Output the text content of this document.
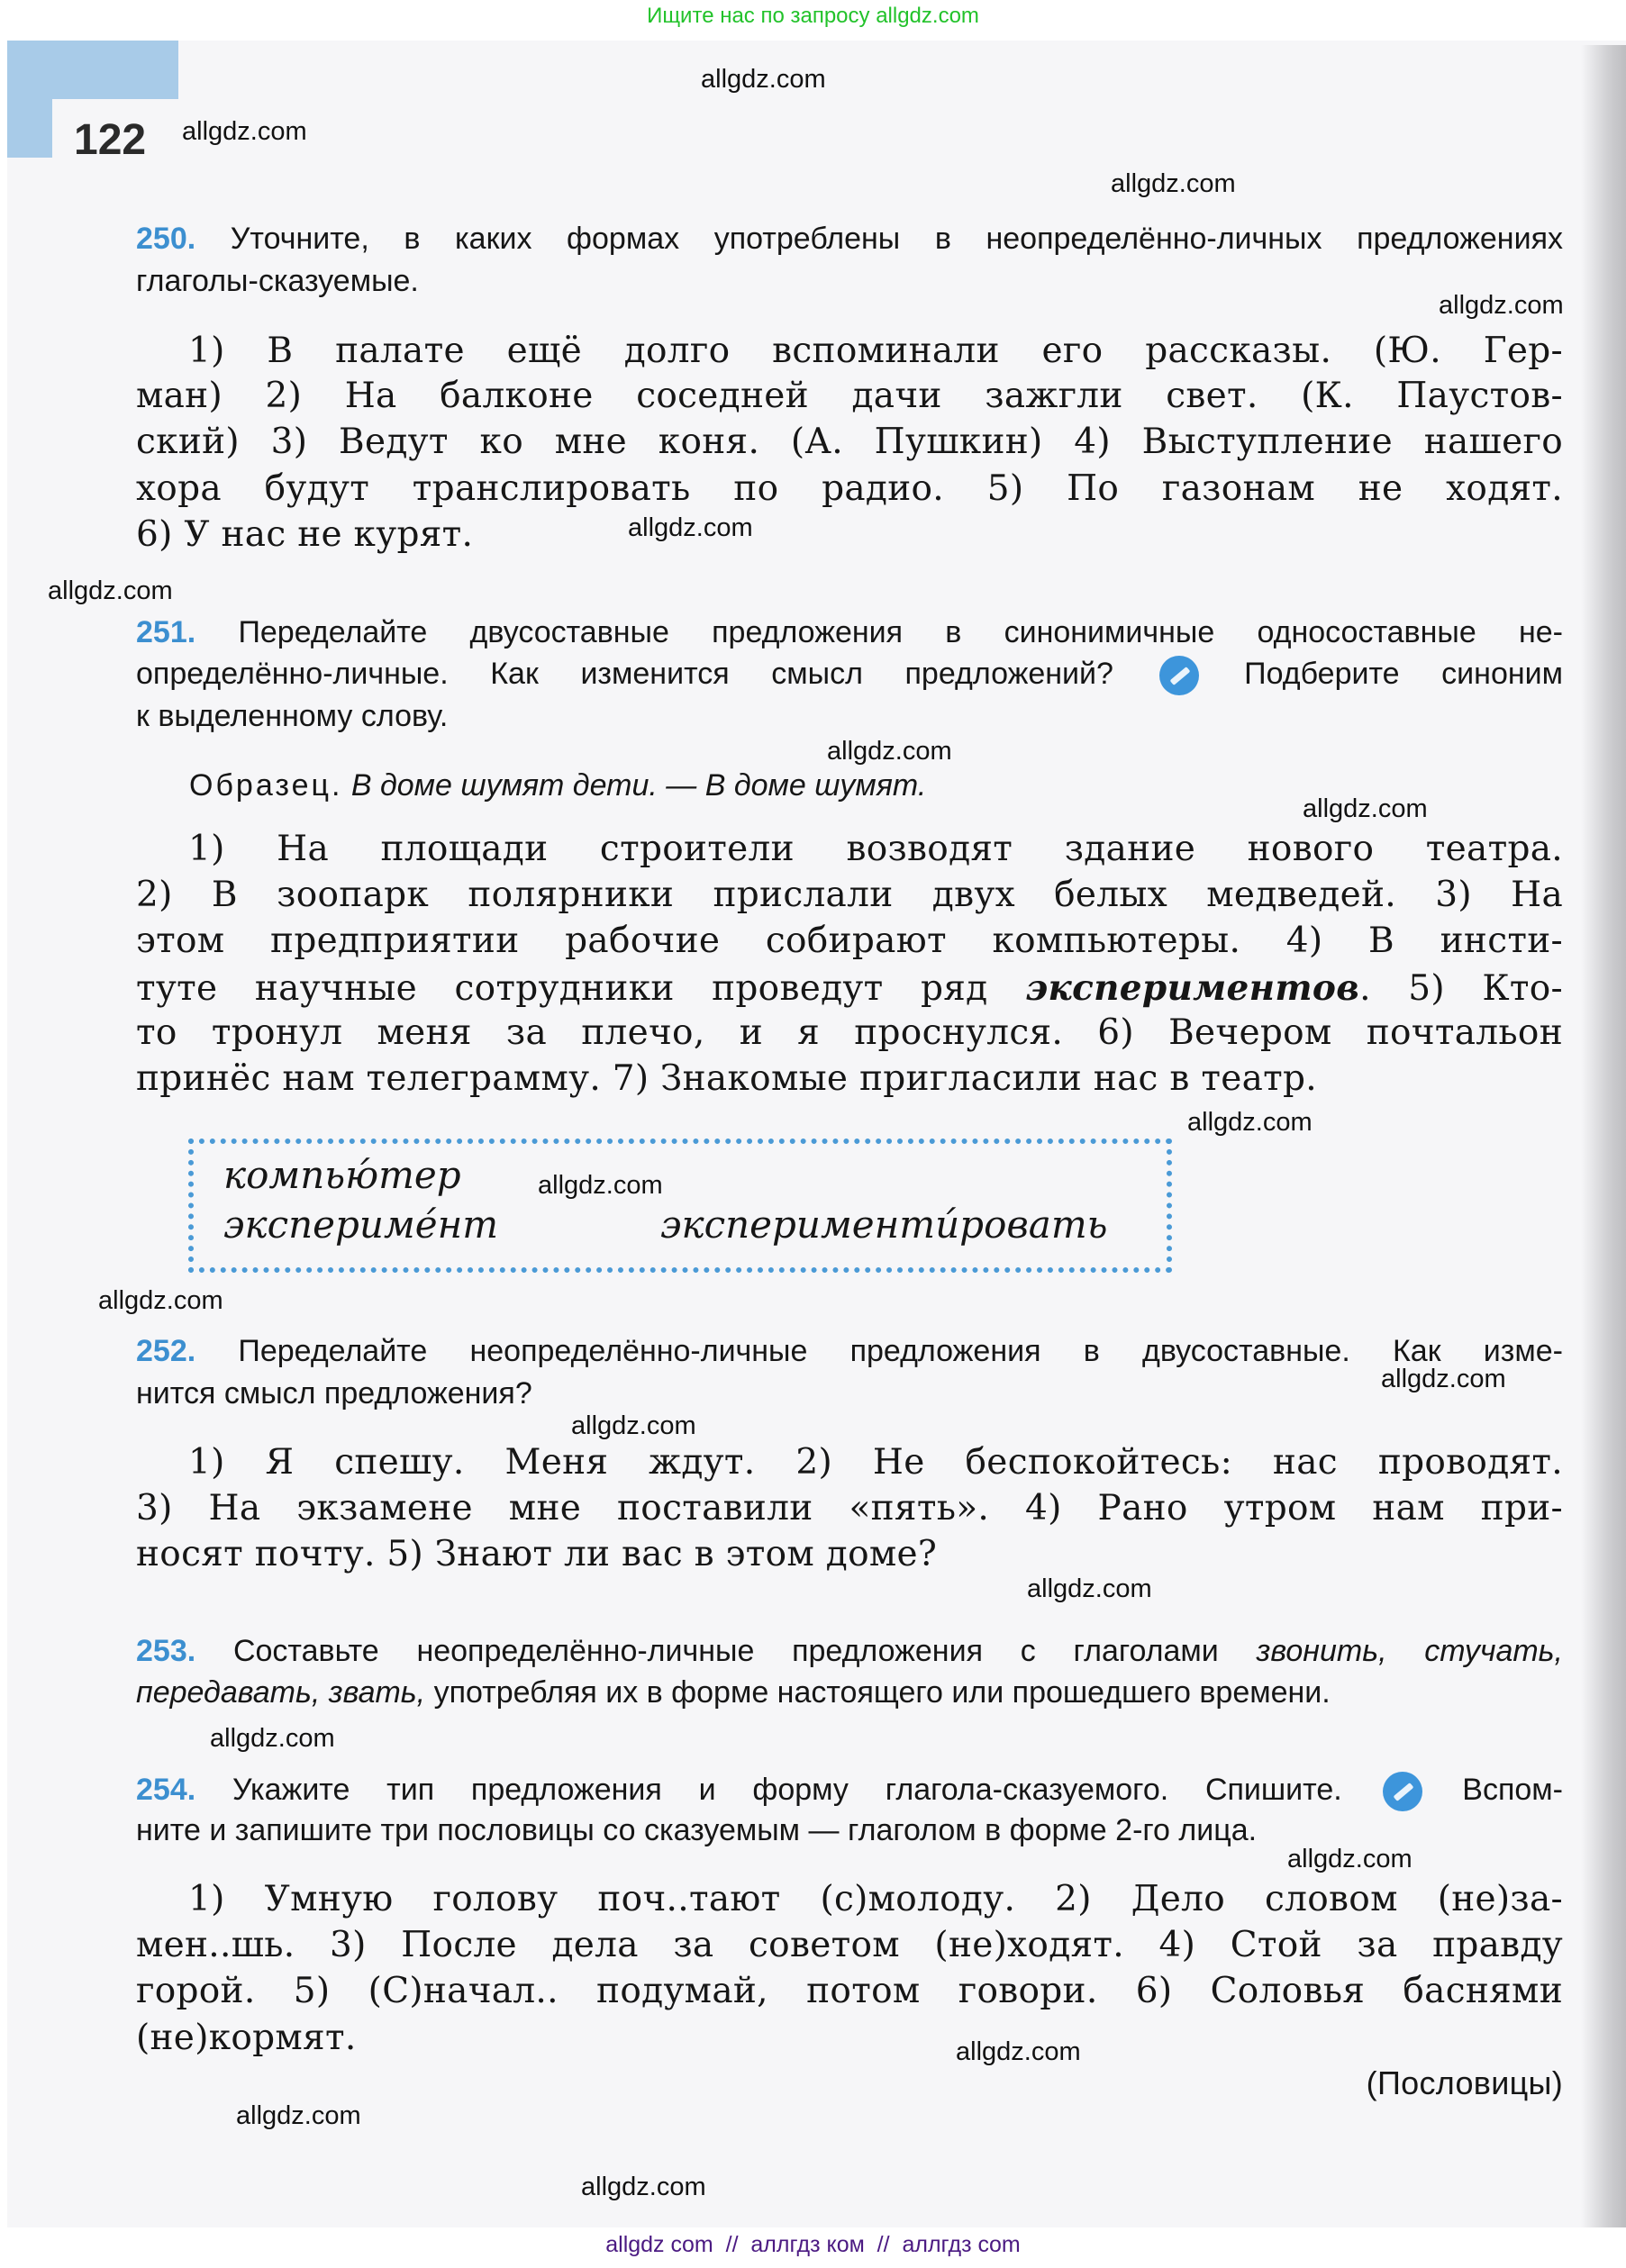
Ищите нас по запросу allgdz.com
122
250. Уточните, в каких формах употреблены в неопределённо-личных предложениях
глаголы-сказуемые.
1) В палате ещё долго вспоминали его рассказы. (Ю. Гер-
ман) 2) На балконе соседней дачи зажгли свет. (К. Паустов-
ский) 3) Ведут ко мне коня. (А. Пушкин) 4) Выступление нашего
хора будут транслировать по радио. 5) По газонам не ходят.
6) У нас не курят.
251. Переделайте двусоставные предложения в синонимичные односоставные не-
определённо-личные. Как изменится смысл предложений?	Подберите синоним
к выделенному слову.
Образец. В доме шумят дети. — В доме шумят.
1) На площади строители возводят здание нового театра.
2) В зоопарк полярники прислали двух белых медведей. 3) На
этом предприятии рабочие собирают компьютеры. 4) В инсти-
туте научные сотрудники проведут ряд экспериментов. 5) Кто-
то тронул меня за плечо, и я проснулся. 6) Вечером почтальон
принёс нам телеграмму. 7) Знакомые пригласили нас в театр.
252. Переделайте неопределённо-личные предложения в двусоставные. Как изме-
нится смысл предложения?
1) Я спешу. Меня ждут. 2) Не беспокойтесь: нас проводят.
3) На экзамене мне поставили «пять». 4) Рано утром нам при-
носят почту. 5) Знают ли вас в этом доме?
253. Составьте неопределённо-личные предложения с глаголами звонить, стучать,
передавать, звать, употребляя их в форме настоящего или прошедшего времени.
254. Укажите тип предложения и форму глагола-сказуемого. Спишите.	Вспом-
ните и запишите три пословицы со сказуемым — глаголом в форме 2-го лица.
1) Умную голову поч..тают (с)молоду. 2) Дело словом (не)за-
мен..шь. 3) После дела за советом (не)ходят. 4) Стой за правду
горой. 5) (С)начал.. подумай, потом говори. 6) Соловья баснями
(не)кормят.
(Пословицы)
компью́тер
экспериме́нт	эксперименти́ровать
allgdz.com
allgdz.com
allgdz.com
allgdz.com
allgdz.com
allgdz.com
allgdz.com
allgdz.com
allgdz.com
allgdz.com
allgdz.com
allgdz.com
allgdz.com
allgdz.com
allgdz.com
allgdz.com
allgdz.com
allgdz.com
allgdz.com
allgdz com  //  аллгдз ком  //  аллгдз com
